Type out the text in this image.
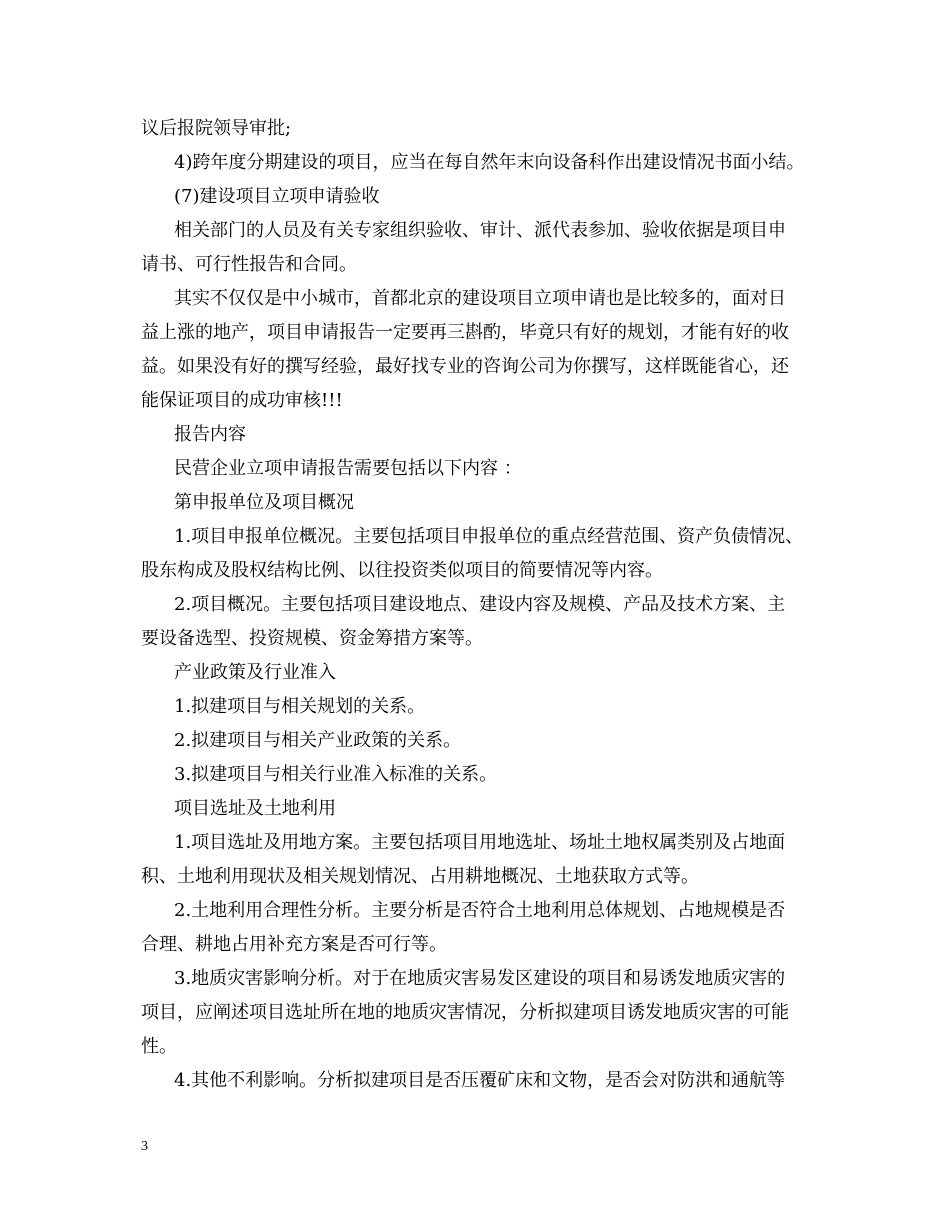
议后报院领导审批;
4)跨年度分期建设的项目，应当在每自然年末向设备科作出建设情况书面小结。
(7)建设项目立项申请验收
相关部门的人员及有关专家组织验收、审计、派代表参加、验收依据是项目申
请书、可行性报告和合同。
其实不仅仅是中小城市，首都北京的建设项目立项申请也是比较多的，面对日
益上涨的地产，项目申请报告一定要再三斟酌，毕竟只有好的规划，才能有好的收
益。如果没有好的撰写经验，最好找专业的咨询公司为你撰写，这样既能省心，还
能保证项目的成功审核!!!
报告内容
民营企业立项申请报告需要包括以下内容 ：
第申报单位及项目概况
1.项目申报单位概况。主要包括项目申报单位的重点经营范围、资产负债情况、
股东构成及股权结构比例、以往投资类似项目的简要情况等内容。
2.项目概况。主要包括项目建设地点、建设内容及规模、产品及技术方案、主
要设备选型、投资规模、资金筹措方案等。
产业政策及行业准入
1.拟建项目与相关规划的关系。
2.拟建项目与相关产业政策的关系。
3.拟建项目与相关行业准入标准的关系。
项目选址及土地利用
1.项目选址及用地方案。主要包括项目用地选址、场址土地权属类别及占地面
积、土地利用现状及相关规划情况、占用耕地概况、土地获取方式等。
2.土地利用合理性分析。主要分析是否符合土地利用总体规划、占地规模是否
合理、耕地占用补充方案是否可行等。
3.地质灾害影响分析。对于在地质灾害易发区建设的项目和易诱发地质灾害的
项目，应阐述项目选址所在地的地质灾害情况，分析拟建项目诱发地质灾害的可能
性。
4.其他不利影响。分析拟建项目是否压覆矿床和文物，是否会对防洪和通航等
3
